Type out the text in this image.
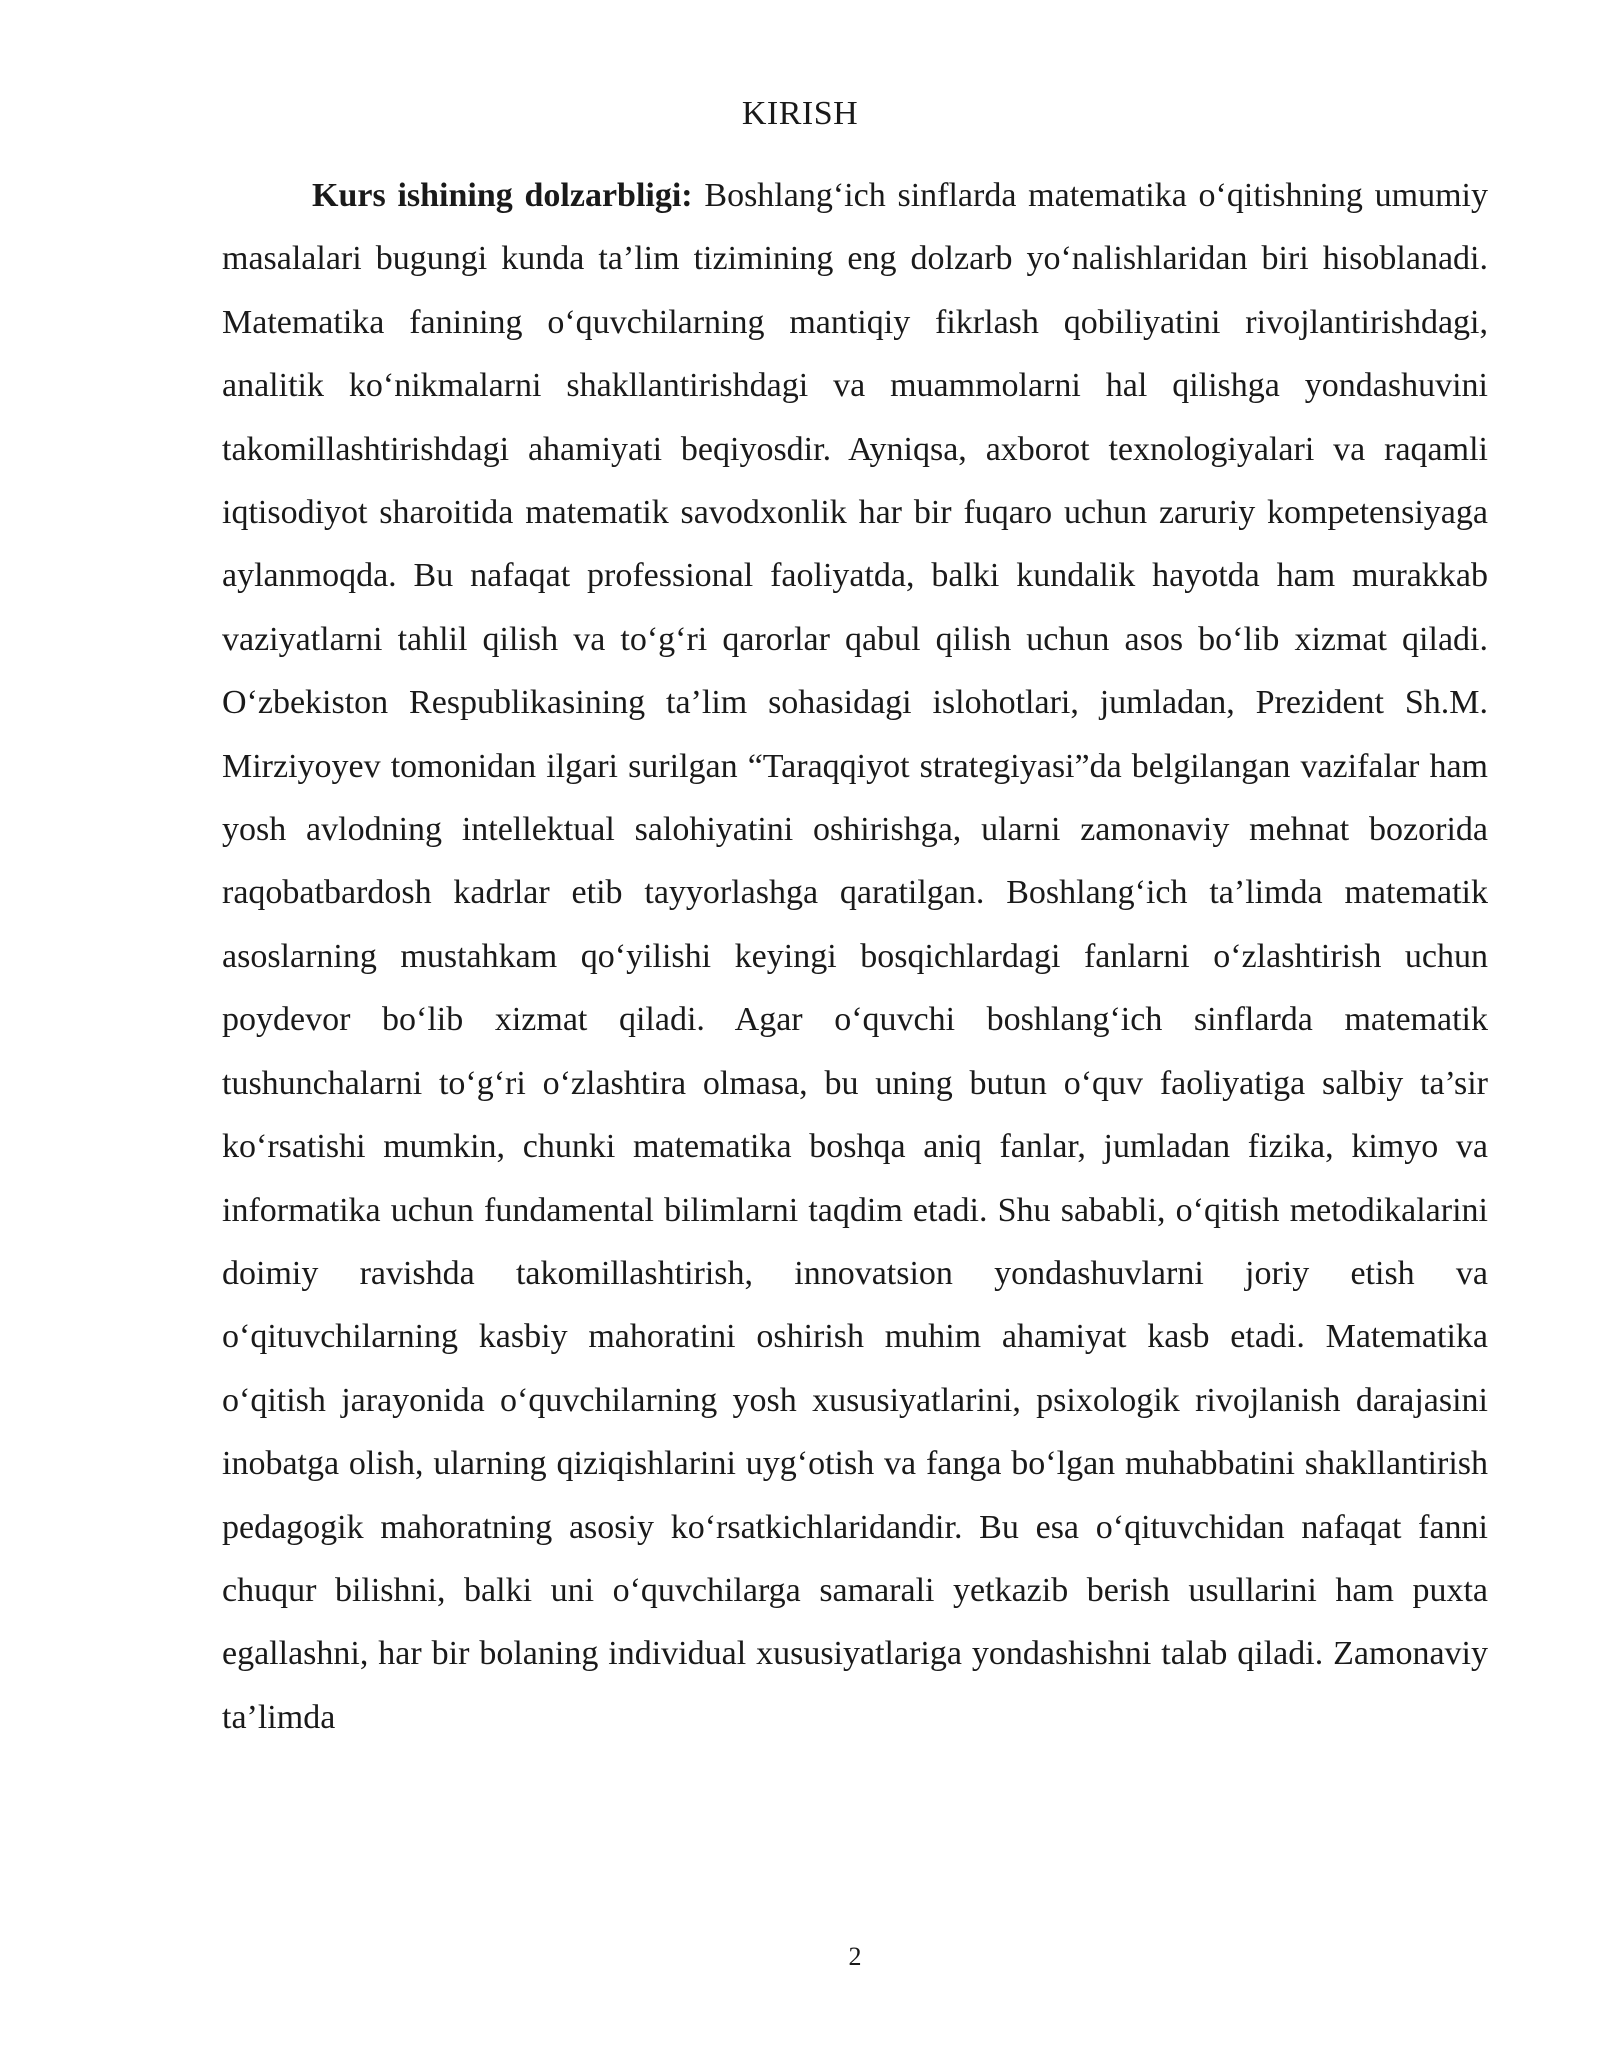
KIRISH

Kurs ishining dolzarbligi: Boshlang‘ich sinflarda matematika o‘qitishning umumiy masalalari bugungi kunda ta’lim tizimining eng dolzarb yo‘nalishlaridan biri hisoblanadi. Matematika fanining o‘quvchilarning mantiqiy fikrlash qobiliyatini rivojlantirishdagi, analitik ko‘nikmalarni shakllantirishdagi va muammolarni hal qilishga yondashuvini takomillashtirishdagi ahamiyati beqiyosdir. Ayniqsa, axborot texnologiyalari va raqamli iqtisodiyot sharoitida matematik savodxonlik har bir fuqaro uchun zaruriy kompetensiyaga aylanmoqda. Bu nafaqat professional faoliyatda, balki kundalik hayotda ham murakkab vaziyatlarni tahlil qilish va to‘g‘ri qarorlar qabul qilish uchun asos bo‘lib xizmat qiladi. O‘zbekiston Respublikasining ta’lim sohasidagi islohotlari, jumladan, Prezident Sh.M. Mirziyoyev tomonidan ilgari surilgan “Taraqqiyot strategiyasi”da belgilangan vazifalar ham yosh avlodning intellektual salohiyatini oshirishga, ularni zamonaviy mehnat bozorida raqobatbardosh kadrlar etib tayyorlashga qaratilgan. Boshlang‘ich ta’limda matematik asoslarning mustahkam qo‘yilishi keyingi bosqichlardagi fanlarni o‘zlashtirish uchun poydevor bo‘lib xizmat qiladi. Agar o‘quvchi boshlang‘ich sinflarda matematik tushunchalarni to‘g‘ri o‘zlashtira olmasa, bu uning butun o‘quv faoliyatiga salbiy ta’sir ko‘rsatishi mumkin, chunki matematika boshqa aniq fanlar, jumladan fizika, kimyo va informatika uchun fundamental bilimlarni taqdim etadi. Shu sababli, o‘qitish metodikalarini doimiy ravishda takomillashtirish, innovatsion yondashuvlarni joriy etish va o‘qituvchilarning kasbiy mahoratini oshirish muhim ahamiyat kasb etadi. Matematika o‘qitish jarayonida o‘quvchilarning yosh xususiyatlarini, psixologik rivojlanish darajasini inobatga olish, ularning qiziqishlarini uyg‘otish va fanga bo‘lgan muhabbatini shakllantirish pedagogik mahoratning asosiy ko‘rsatkichlaridandir. Bu esa o‘qituvchidan nafaqat fanni chuqur bilishni, balki uni o‘quvchilarga samarali yetkazib berish usullarini ham puxta egallashni, har bir bolaning individual xususiyatlariga yondashishni talab qiladi. Zamonaviy ta’limda

2
